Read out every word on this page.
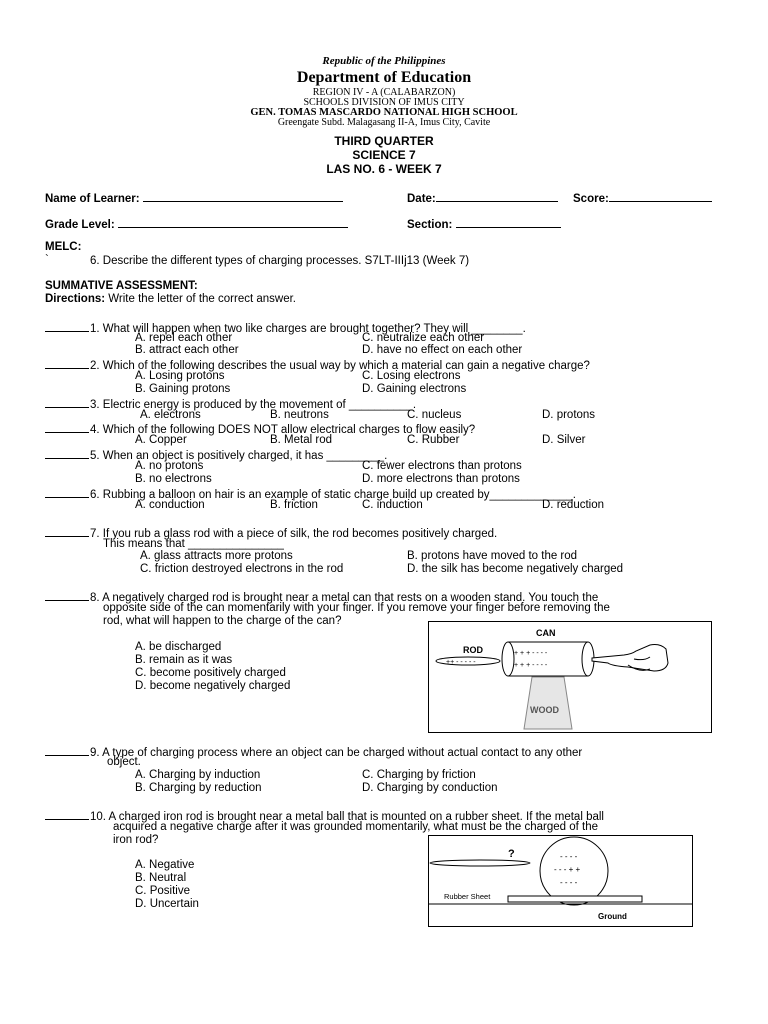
Republic of the Philippines
Department of Education
REGION IV - A (CALABARZON)
SCHOOLS DIVISION OF IMUS CITY
GEN. TOMAS MASCARDO NATIONAL HIGH SCHOOL
Greengate Subd. Malagasang II-A, Imus City, Cavite
THIRD QUARTER
SCIENCE 7
LAS NO. 6 - WEEK 7
Name of Learner:	Date:	Score:
Grade Level:	Section:
MELC:
`	6. Describe the different types of charging processes. S7LT-IIIj13 (Week 7)
SUMMATIVE ASSESSMENT:
Directions: Write the letter of the correct answer.
1. What will happen when two like charges are brought together? They will ________.
A. repel each other	C. neutralize each other
B. attract each other	D. have no effect on each other
2. Which of the following describes the usual way by which a material can gain a negative charge?
A. Losing protons	C. Losing electrons
B. Gaining protons	D. Gaining electrons
3. Electric energy is produced by the movement of __________.
A. electrons	B. neutrons	C. nucleus	D. protons
4. Which of the following DOES NOT allow electrical charges to flow easily?
A. Copper	B. Metal rod	C. Rubber	D. Silver
5. When an object is positively charged, it has _________.
A. no protons	C. fewer electrons than protons
B. no electrons	D. more electrons than protons
6. Rubbing a balloon on hair is an example of static charge build up created by_____________.
A. conduction	B. friction	C. induction	D. reduction
7. If you rub a glass rod with a piece of silk, the rod becomes positively charged.
This means that _______________
A. glass attracts more protons	B. protons have moved to the rod
C. friction destroyed electrons in the rod	D. the silk has become negatively charged
8. A negatively charged rod is brought near a metal can that rests on a wooden stand. You touch the
opposite side of the can momentarily with your finger. If you remove your finger before removing the
rod, what will happen to the charge of the can?
A. be discharged
B. remain as it was
C. become positively charged
D. become negatively charged
CAN
ROD
++ - - - - -
+ + + - - - -
+ + + - - - -
WOOD
9. A type of charging process where an object can be charged without actual contact to any other
object.
A. Charging by induction	C. Charging by friction
B. Charging by reduction	D. Charging by conduction
10. A charged iron rod is brought near a metal ball that is mounted on a rubber sheet. If the metal ball
acquired a negative charge after it was grounded momentarily, what must be the charged of the
iron rod?
A. Negative
B. Neutral
C. Positive
D. Uncertain
?	- - - -
- - - + +
- - - -
Rubber Sheet
Ground
